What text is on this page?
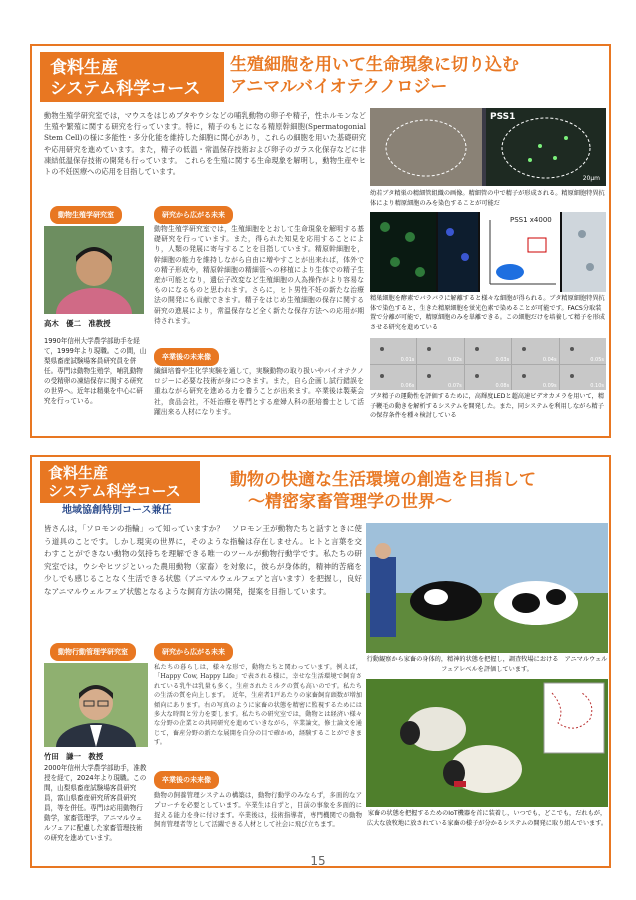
食料生産
システム科学コース
生殖細胞を用いて生命現象に切り込む
アニマルバイオテクノロジー
動物生殖学研究室では，マウスをはじめブタやウシなどの哺乳動物の卵子や精子，性ホルモンなど生殖や繁殖に関する研究を行っています。特に，精子のもとになる精原幹細胞(Spermatogonial Stem Cell)の様に多能性・多分化能を維持した細胞に関心があり，これらの細胞を用いた基礎研究や応用研究を進めています。また，精子の低温・常温保存技術および卵子のガラス化保存などに非凍結低温保存技術の開発も行っています。 これらを生殖に関する生命現象を解明し，動物生産やヒトの不妊医療への応用を目指しています。
PSS1
20μm
幼若ブタ精巣の精細管組織の画像。精細管の中で精子が形成される。精原細胞特異抗体により精原細胞のみを染色することが可能だ
PSS1 x4000
精巣細胞を酵素でバラバラに解離すると様々な細胞が得られる。ブタ精原細胞特異抗体で染色すると，生きた精原細胞を蛍光色素で染めることが可能です。FACS分取装置で分離が可能で，精原細胞のみを単離できる。この細胞だけを培養して精子を形成させる研究を進めている
0.01s	0.02s	0.03s	0.04s	0.05s
0.06s	0.07s	0.08s	0.09s	0.10s
ブタ精子の運動性を評価するために，高輝度LEDと超高速ビデオカメラを用いて，精子鞭毛の動きを解析するシステムを開発した。また，同システムを利用しながら精子の保存条件を種々検討している
動物生殖学研究室	研究から広がる未来
卒業後の未来像
高木　優二　准教授
1990年信州大学農学部助手を経て，1999年より現職。この間，山梨県畜産試験場客員研究員を併任。専門は動物生殖学，哺乳動物の受精卵の凍結保存に関する研究の世界へ。近年は精巣を中心に研究を行っている。
動物生殖学研究室では，生殖細胞をとおして生命現象を解明する基礎研究を行っています。また，得られた知見を応用することにより，人類の発展に寄与することを目指しています。精原幹細胞を，幹細胞の能力を維持しながら自由に増やすことが出来れば，体外での精子形成や，精原幹細胞の精細管への移植により生体での精子生産が可能となり，遺伝子改変など生殖細胞の人為操作がより容易なものになるものと思われます。さらに，ヒト男性不妊の新たな治療法の開発にも貢献できます。精子をはじめ生殖細胞の保存に関する研究の進展により，常温保存など全く新たな保存方法への応用が期待されます。
繊細培養や生化学実験を通して，実験動物の取り扱いやバイオテクノロジーに必要な技術が身につきます。また，自ら企画し試行錯誤を重ねながら研究を進める力を養うことが出来ます。卒業後は製薬会社，食品会社，不妊治療を専門とする産婦人科の胚培養士として活躍出来る人材になります。
食料生産
システム科学コース
地域協創特別コース兼任
動物の快適な生活環境の創造を目指して
～精密家畜管理学の世界～
皆さんは，「ソロモンの指輪」って知っていますか？　ソロモン王が動物たちと話すときに使う道具のことです。しかし現実の世界に，そのような指輪は存在しません。ヒトと言葉を交わすことができない動物の気持ちを理解できる唯一のツールが動物行動学です。私たちの研究室では，ウシやヒツジといった農用動物（家畜）を対象に，彼らが身体的，精神的苦痛を少しでも感じることなく生活できる状態（アニマルウェルフェアと言います）を把握し，良好なアニマルウェルフェア状態となるような飼育方法の開発，提案を目指しています。
行動観察から家畜の身体的，精神的状態を把握し，調査牧場における　アニマルウェルフェアレベルを評価しています。
家畜の状態を把握するためのIoT機器を首に装着し，いつでも，どこでも，だれもが，広大な放牧地に放されている家畜の様子が分かるシステムの開発に取り組んでいます。
動物行動管理学研究室	研究から広がる未来
卒業後の未来像
竹田　謙一　教授
2000年信州大学農学部助手，准教授を経て，2024年より現職。この間，山梨県畜産試験場客員研究員，富山県畜産研究所客員研究員，等を併任。専門は応用動物行動学，家畜管理学，アニマルウェルフェアに配慮した家畜管理技術の研究を進めています。
私たちの暮らしは，様々な形で，動物たちと関わっています。例えば，「Happy Cow, Happy Life」で表される様に，幸せな生活環境で飼育されている乳牛は乳量も多く，生産されたミルクの質も高いのです。私たちの生活の質を向上します。　近年，生産者1戸あたりの家畜飼育頭数が増加傾向にあります。右の写真のように家畜の状態を精密に監視するためには多大な時間と労力を要します。私たちの研究室では，動物とは経済い様々な分野の企業との共同研究を進めていきながら，卒業論文，修士論文を通じて，畜産分野の新たな展開を自分の目で確かめ，経験することができます。
動物の飼養管理システムの構築は，動物行動学のみならず，多面的なアプローチを必要としています。卒業生は自ずと，目前の事象を多面的に捉える能力を身に付けます。卒業後は，技術指導者，専門機関での動物飼育管理者等として活躍できる人材として社会に飛び立ちます。
15
